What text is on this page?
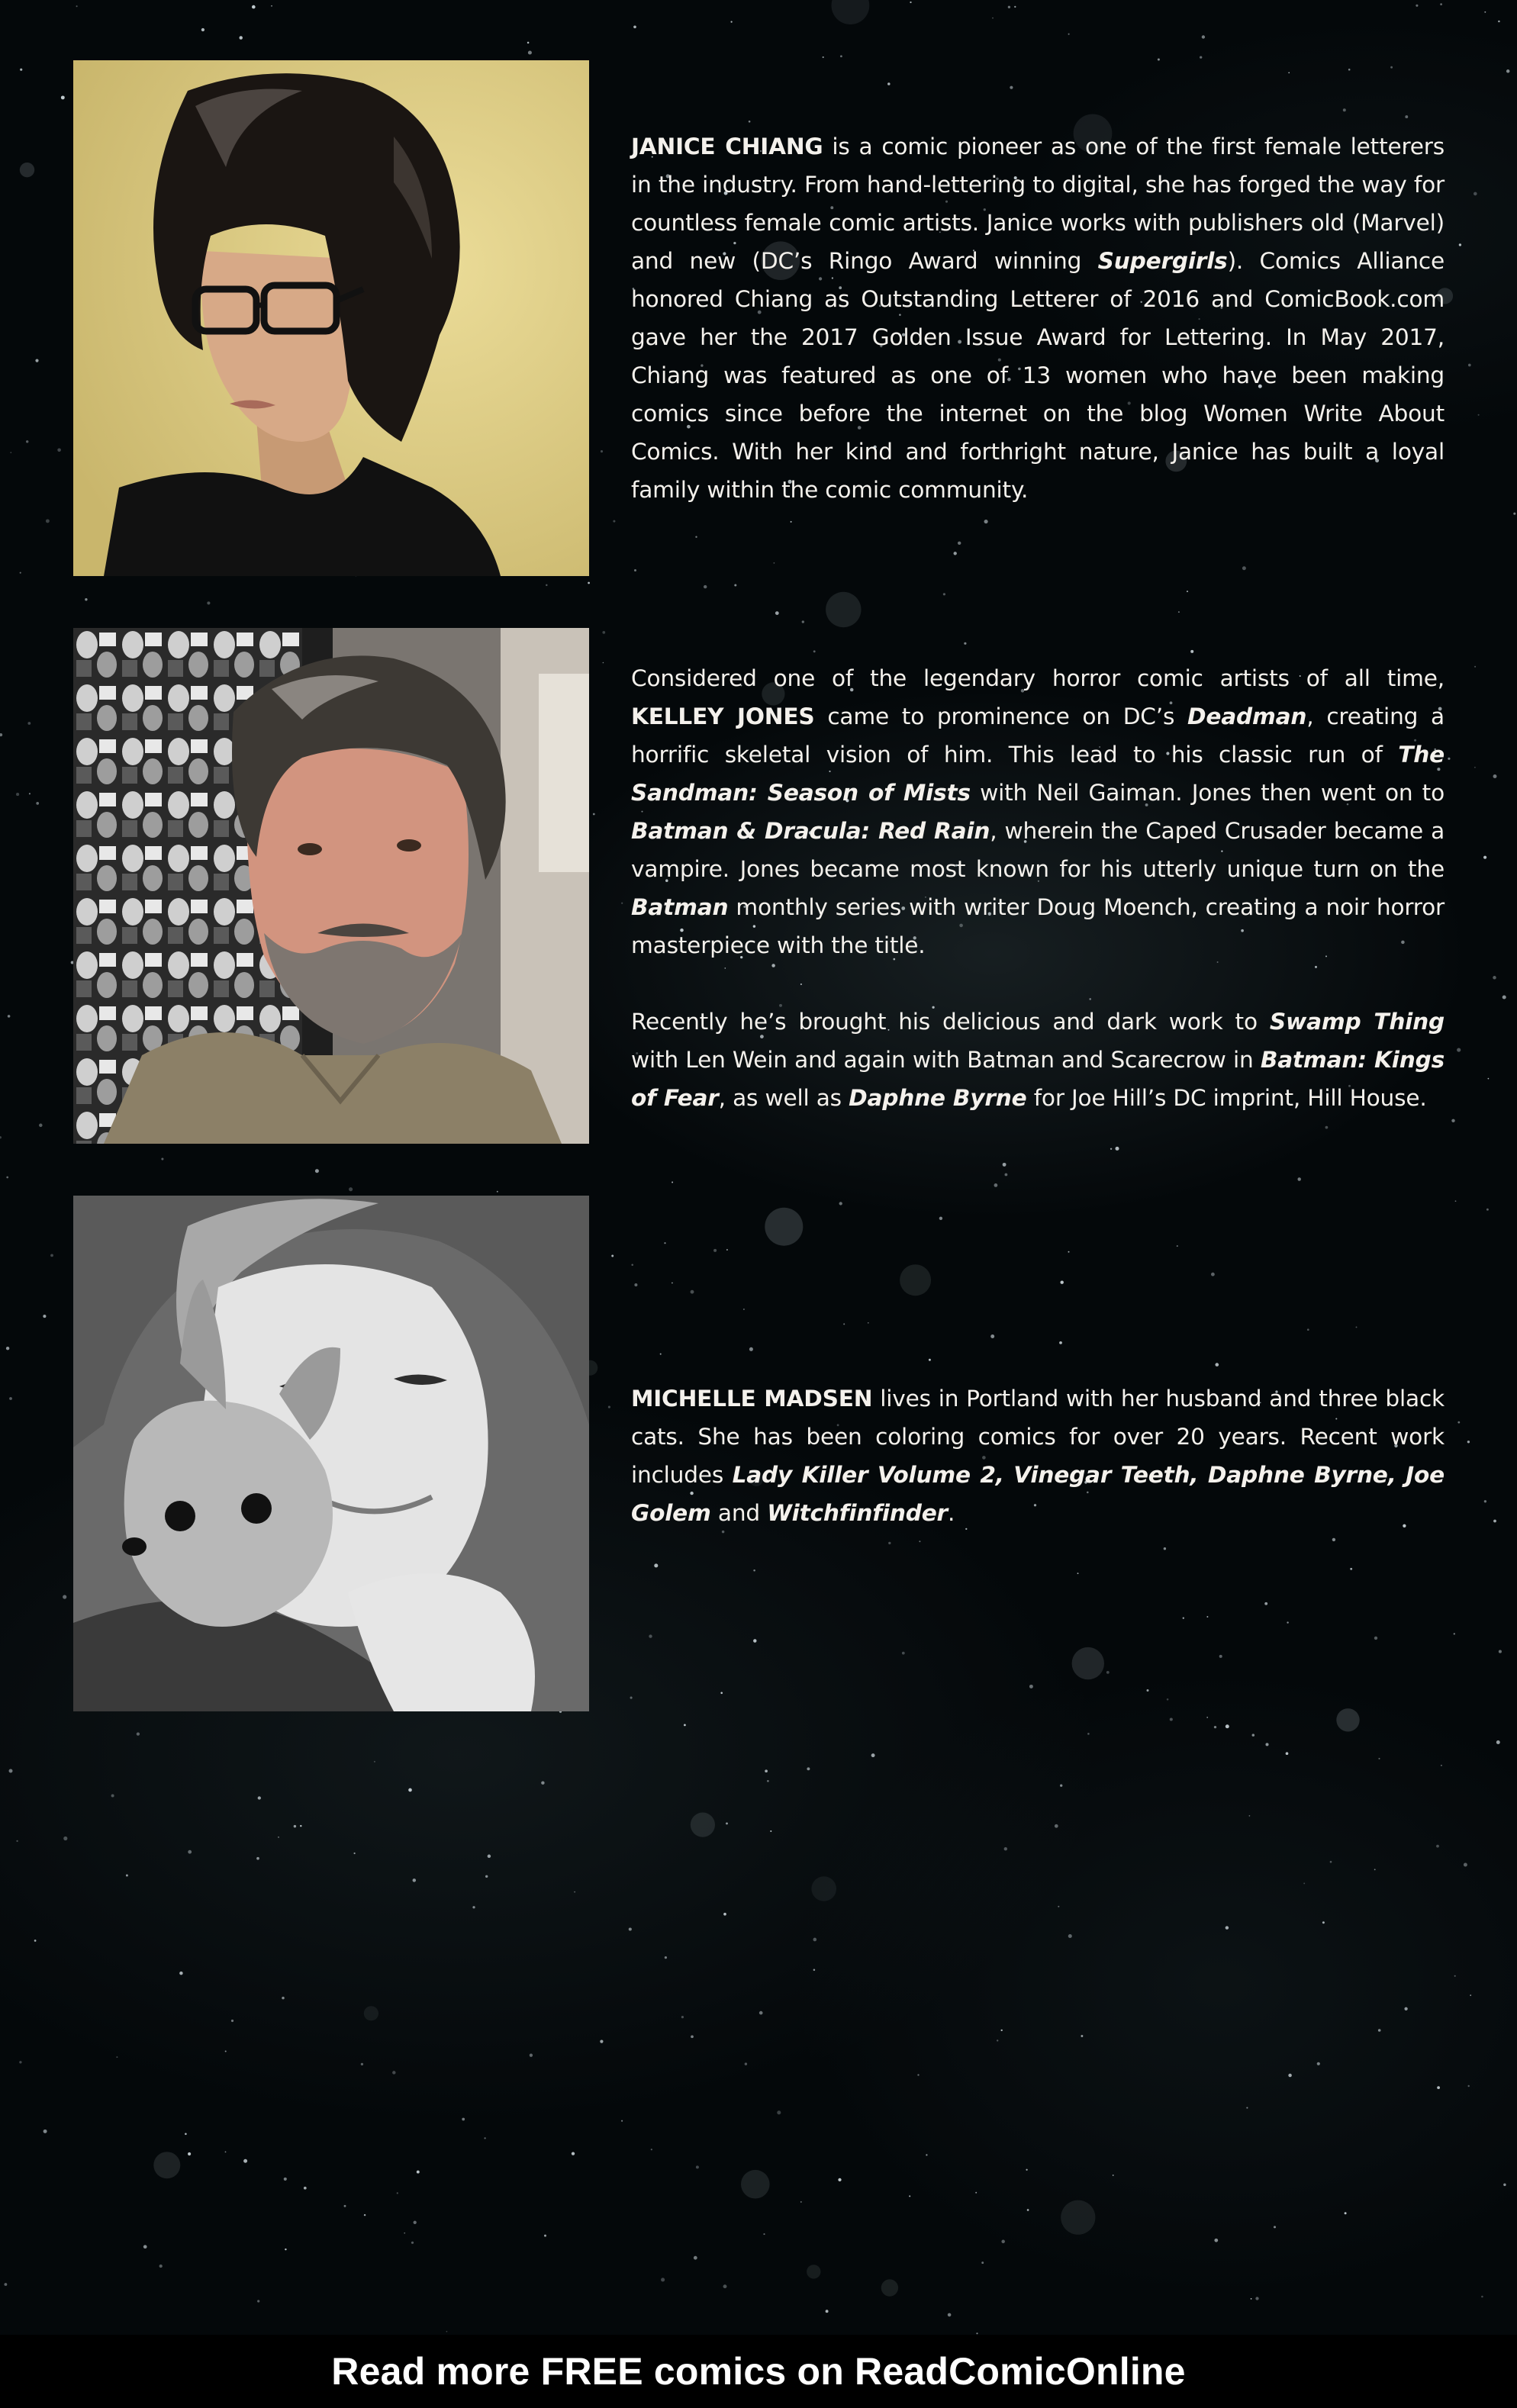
JANICE CHIANG is a comic pioneer as one of the first female letterers in the industry. From hand-lettering to digital, she has forged the way for countless female comic artists. Janice works with publishers old (Marvel) and new (DC’s Ringo Award winning Supergirls). Comics Alliance honored Chiang as Outstanding Letterer of 2016 and ComicBook.com gave her the 2017 Golden Issue Award for Lettering. In May 2017, Chiang was featured as one of 13 women who have been making comics since before the internet on the blog Women Write About Comics. With her kind and forthright nature, Janice has built a loyal family within the comic community.

Considered one of the legendary horror comic artists of all time, KELLEY JONES came to prominence on DC’s Deadman, creating a horrific skeletal vision of him. This lead to his classic run of The Sandman: Season of Mists with Neil Gaiman. Jones then went on to Batman & Dracula: Red Rain, wherein the Caped Crusader became a vampire. Jones became most known for his utterly unique turn on the Batman monthly series with writer Doug Moench, creating a noir horror masterpiece with the title.

Recently he’s brought his delicious and dark work to Swamp Thing with Len Wein and again with Batman and Scarecrow in Batman: Kings of Fear, as well as Daphne Byrne for Joe Hill’s DC imprint, Hill House.

MICHELLE MADSEN lives in Portland with her husband and three black cats. She has been coloring comics for over 20 years. Recent work includes Lady Killer Volume 2, Vinegar Teeth, Daphne Byrne, Joe Golem and Witchfinfinder.

Read more FREE comics on ReadComicOnline
